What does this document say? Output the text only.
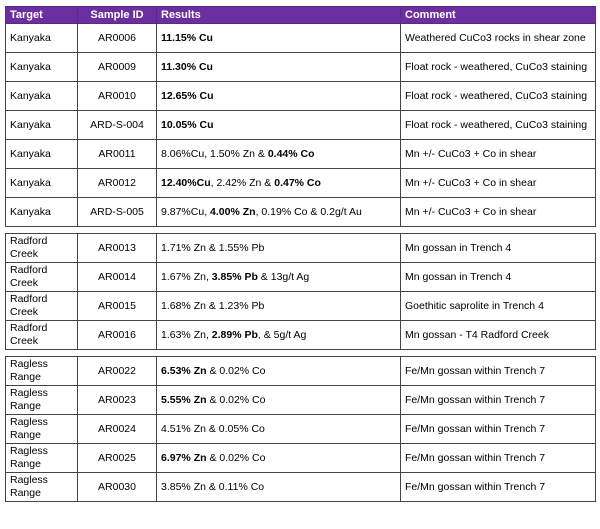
Target	Sample ID	Results	Comment
Kanyaka	AR0006	11.15% Cu	Weathered CuCo3 rocks in shear zone
Kanyaka	AR0009	11.30% Cu	Float rock - weathered, CuCo3 staining
Kanyaka	AR0010	12.65% Cu	Float rock - weathered, CuCo3 staining
Kanyaka	ARD-S-004	10.05% Cu	Float rock - weathered, CuCo3 staining
Kanyaka	AR0011	8.06%Cu, 1.50% Zn & 0.44% Co	Mn +/- CuCo3 + Co in shear
Kanyaka	AR0012	12.40%Cu, 2.42% Zn & 0.47% Co	Mn +/- CuCo3 + Co in shear
Kanyaka	ARD-S-005	9.87%Cu, 4.00% Zn, 0.19% Co & 0.2g/t Au	Mn +/- CuCo3 + Co in shear

Radford Creek	AR0013	1.71% Zn & 1.55% Pb	Mn gossan in Trench 4
Radford Creek	AR0014	1.67% Zn, 3.85% Pb & 13g/t Ag	Mn gossan in Trench 4
Radford Creek	AR0015	1.68% Zn & 1.23% Pb	Goethitic saprolite in Trench 4
Radford Creek	AR0016	1.63% Zn, 2.89% Pb, & 5g/t Ag	Mn gossan - T4 Radford Creek

Ragless Range	AR0022	6.53% Zn & 0.02% Co	Fe/Mn gossan within Trench 7
Ragless Range	AR0023	5.55% Zn & 0.02% Co	Fe/Mn gossan within Trench 7
Ragless Range	AR0024	4.51% Zn & 0.05% Co	Fe/Mn gossan within Trench 7
Ragless Range	AR0025	6.97% Zn & 0.02% Co	Fe/Mn gossan within Trench 7
Ragless Range	AR0030	3.85% Zn & 0.11% Co	Fe/Mn gossan within Trench 7
